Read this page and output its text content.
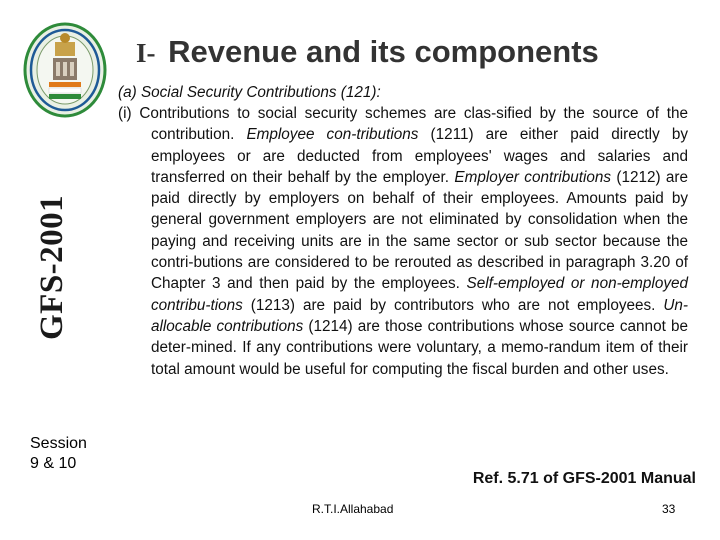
GFS-2001
Session
9 & 10
I- Revenue and its components

(a) Social Security Contributions (121):

(i) Contributions to social security schemes are clas-sified by the source of the contribution. Employee con-tributions (1211) are either paid directly by employees or are deducted from employees' wages and salaries and transferred on their behalf by the employer. Employer contributions (1212) are paid directly by employers on behalf of their employees. Amounts paid by general government employers are not eliminated by consolidation when the paying and receiving units are in the same sector or sub sector because the contri-butions are considered to be rerouted as described in paragraph 3.20 of Chapter 3 and then paid by the employees. Self-employed or non-employed contribu-tions (1213) are paid by contributors who are not employees. Un-allocable contributions (1214) are those contributions whose source cannot be deter-mined. If any contributions were voluntary, a memo-randum item of their total amount would be useful for computing the fiscal burden and other uses.

Ref. 5.71 of GFS-2001 Manual
R.T.I.Allahabad	33
